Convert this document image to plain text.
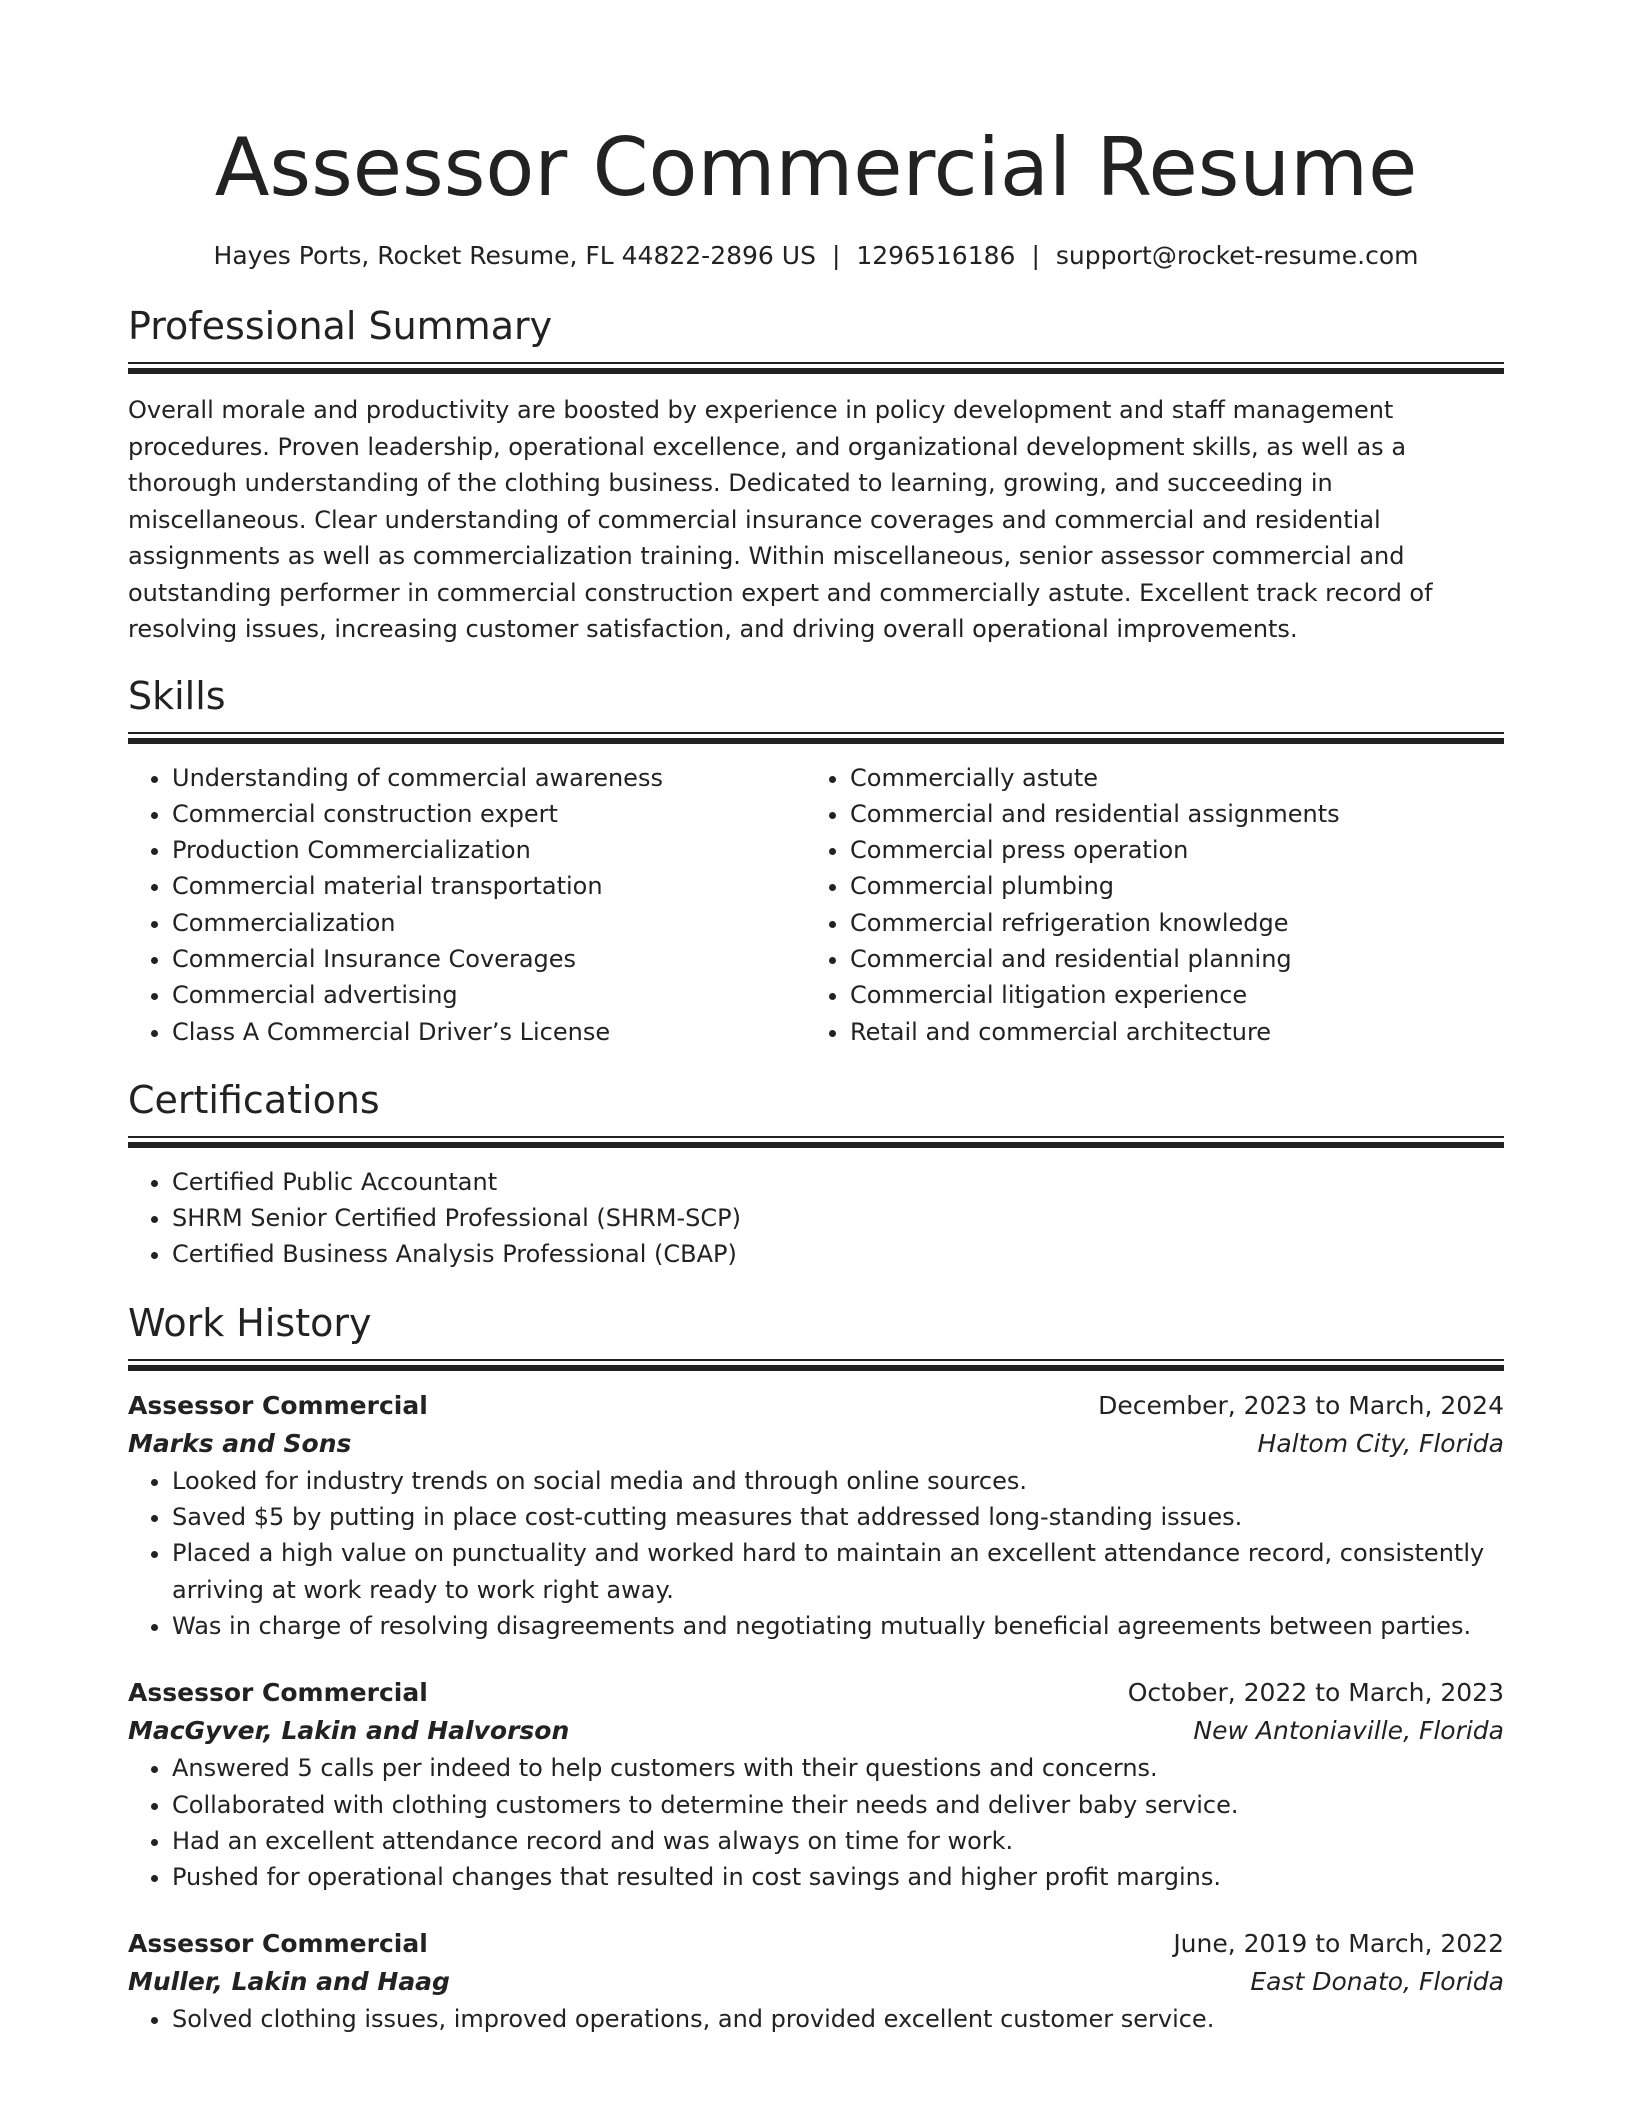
Assessor Commercial Resume
Hayes Ports, Rocket Resume, FL 44822-2896 US | 1296516186 | support@rocket-resume.com
Professional Summary

Overall morale and productivity are boosted by experience in policy development and staff management procedures. Proven leadership, operational excellence, and organizational development skills, as well as a thorough understanding of the clothing business. Dedicated to learning, growing, and succeeding in miscellaneous. Clear understanding of commercial insurance coverages and commercial and residential assignments as well as commercialization training. Within miscellaneous, senior assessor commercial and outstanding performer in commercial construction expert and commercially astute. Excellent track record of resolving issues, increasing customer satisfaction, and driving overall operational improvements.

Skills
• Understanding of commercial awareness
• Commercial construction expert
• Production Commercialization
• Commercial material transportation
• Commercialization
• Commercial Insurance Coverages
• Commercial advertising
• Class A Commercial Driver’s License
• Commercially astute
• Commercial and residential assignments
• Commercial press operation
• Commercial plumbing
• Commercial refrigeration knowledge
• Commercial and residential planning
• Commercial litigation experience
• Retail and commercial architecture
Certifications
• Certified Public Accountant
• SHRM Senior Certified Professional (SHRM-SCP)
• Certified Business Analysis Professional (CBAP)
Work History
Assessor Commercial	December, 2023 to March, 2024
Marks and Sons	Haltom City, Florida
• Looked for industry trends on social media and through online sources.
• Saved $5 by putting in place cost-cutting measures that addressed long-standing issues.
• Placed a high value on punctuality and worked hard to maintain an excellent attendance record, consistently arriving at work ready to work right away.
• Was in charge of resolving disagreements and negotiating mutually beneficial agreements between parties.
Assessor Commercial	October, 2022 to March, 2023
MacGyver, Lakin and Halvorson	New Antoniaville, Florida
• Answered 5 calls per indeed to help customers with their questions and concerns.
• Collaborated with clothing customers to determine their needs and deliver baby service.
• Had an excellent attendance record and was always on time for work.
• Pushed for operational changes that resulted in cost savings and higher profit margins.
Assessor Commercial	June, 2019 to March, 2022
Muller, Lakin and Haag	East Donato, Florida
• Solved clothing issues, improved operations, and provided excellent customer service.
